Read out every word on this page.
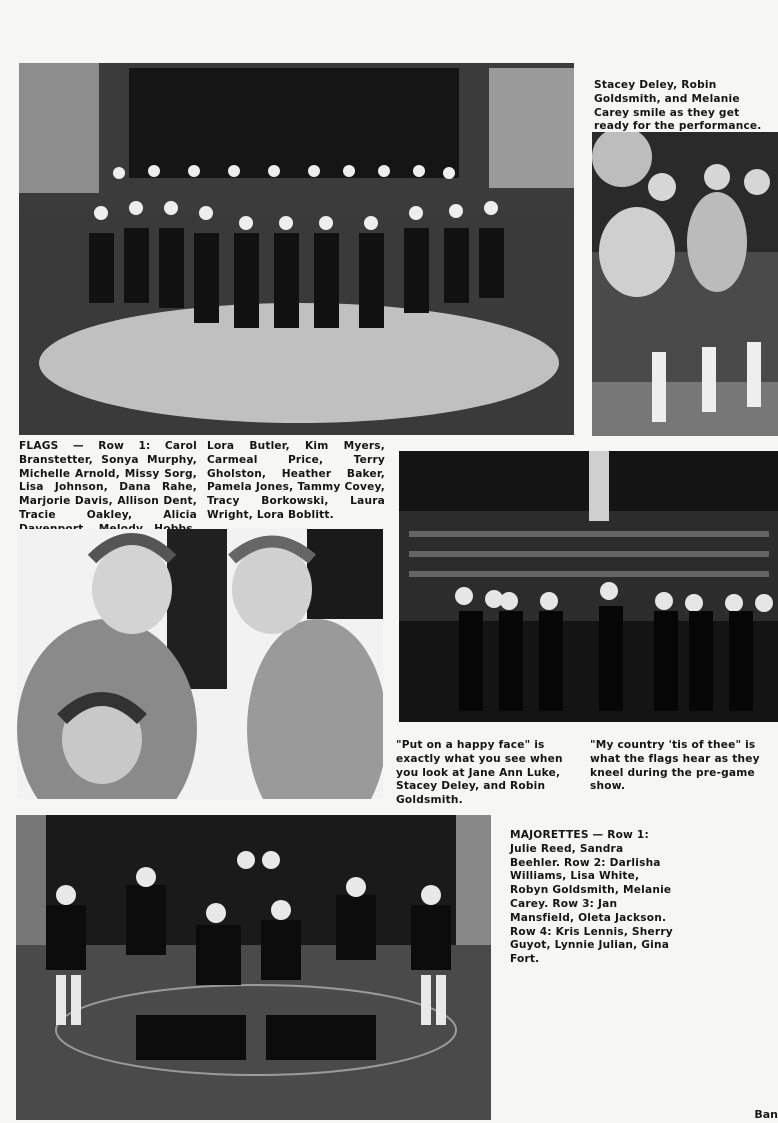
Stacey Deley, Robin Goldsmith, and Melanie Carey smile as they get ready for the performance.
FLAGS — Row 1: Carol Branstetter, Sonya Murphy, Michelle Arnold, Missy Sorg, Lisa Johnson, Dana Rahe, Marjorie Davis, Allison Dent, Tracie Oakley, Alicia
Lora Butler, Kim Myers, Carmeal Price, Terry Gholston, Heather Baker, Pamela Jones, Tammy Covey, Tracy Borkowski, Laura Wright, Lora Boblitt.
"Put on a happy face" is exactly what you see when you look at Jane Ann Luke, Stacey Deley, and Robin Goldsmith.
"My country 'tis of thee" is what the flags hear as they kneel during the pre-game show.
MAJORETTES — Row 1: Julie Reed, Sandra Beehler. Row 2: Darlisha Williams, Lisa White, Robyn Goldsmith, Melanie Carey. Row 3: Jan Mansfield, Oleta Jackson. Row 4: Kris Lennis, Sherry Guyot, Lynnie Julian, Gina Fort.
Ban
